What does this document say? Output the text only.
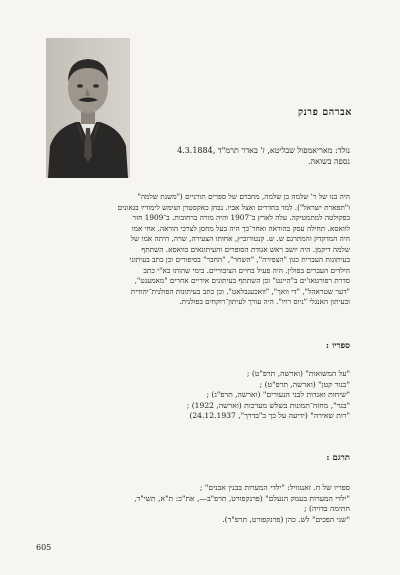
אברהם פרנק
נולד: מאריאמפול שבליטא, ז' באדר תרמ"ד ,4.3.1884
נספה בשואה.
היה בנו של ר' שלמה בן שלמה, מחברם של ספרים תורניים ("משנת שלמה"
ו"תפארת ישראל"). למד בחדרים ואצל אביו. נבחן כאקסטרן ושימש לימודיו בגאונים
בפקולטה למתמטיקה. עלה לארץ ב־1907 והיה מורה ברחובות. ב־1909 חזר
לוואסא. תחילה עסק בהוראה ואחר־כך היה בעל מחסן לצרכי הוראה. אחי אמו
היה המדקדק והמתרגם ש. ש. קנטורוביץ, אחותו הצעירה, שרה, היתה אמו של
שלמה דיקמן. היה יושב ראש אגודת הסופרים והעיתונאים בוואסא. השתתף
בעיתונות העברית כגון "הצפירה", "השחר", "החבר" בסיפורים וכן כתב בעיתוני
הילדים העברים בפולין. היה פעיל בחיים הציבוריים. בימי שהותו בא"י כתב
סדרת רפורטאז'ים ב"היינט" וכן השתתף בעיתונים אידיים אחרים "מאמענט",
"דער שטראהל", "די וואך", "וואכענבלאט". וכן כתב בעיתונות הפולנית־יהודית
ובעיתון האנגלי "ניוס רויו". היה עורך לעיתון־רוקחים בפולנית.
ספריו :
"על המשואות" (וארשה, תרפ"ט) ;
"כנור קטן" (וארשה, תרפ"ט) ;
"שיחות ואגדות לבני הנעורים" (וארשה, תרפ"ג) ;
"בגר", מחזה־תמונות בשלש מערכות (וארשה, 1922) ;
"רות שאירה" (ידיעה על כך ב"בדרך", 24.12.1937)
תרגם :
ספריו של ח. זאנגוויל: "ילדי המערות בבנין אבנים" ;
"ילדי המערות בעמק הנעלם" (פרנקפורט, תרפ"ב—, את"כ: ת"א, תשי"ד,
חתימה בדויה) ;
"שני הפכים" לש. כהן (פרנקפורט, תרפ"ד).
605
